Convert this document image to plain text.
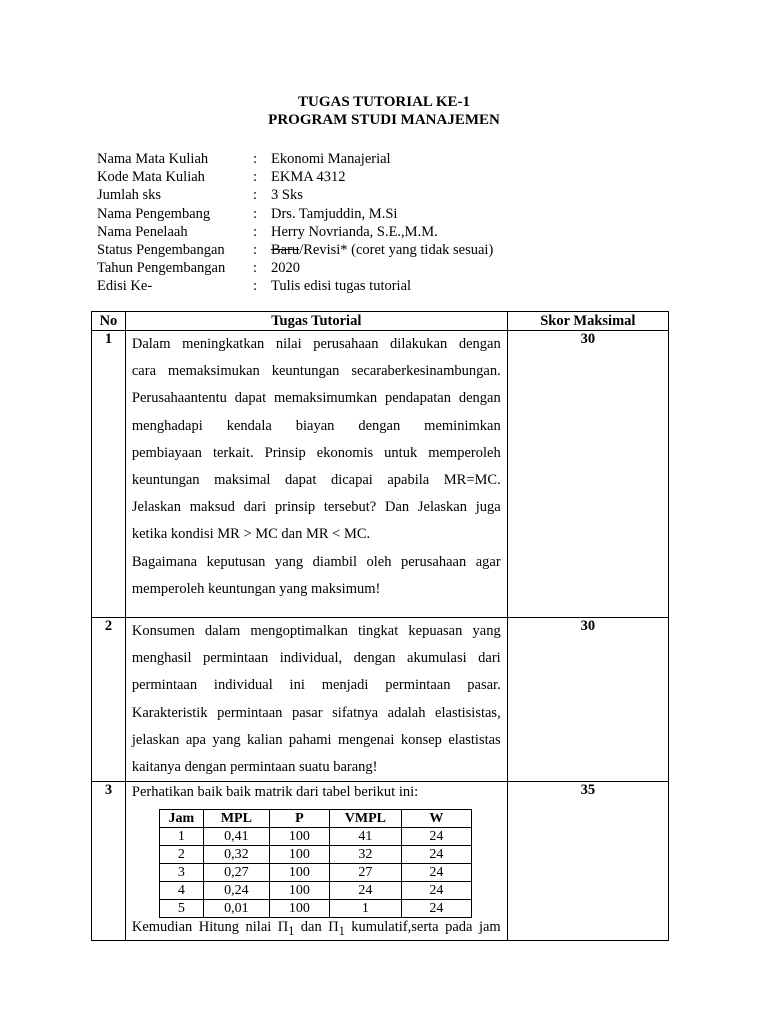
TUGAS TUTORIAL KE-1
PROGRAM STUDI MANAJEMEN
Nama Mata Kuliah	: Ekonomi Manajerial
Kode Mata Kuliah	: EKMA 4312
Jumlah sks	: 3 Sks
Nama Pengembang	: Drs. Tamjuddin, M.Si
Nama Penelaah	: Herry Novrianda, S.E.,M.M.
Status Pengembangan : Baru/Revisi* (coret yang tidak sesuai)
Tahun Pengembangan : 2020
Edisi Ke-	: Tulis edisi tugas tutorial
No	Tugas Tutorial	Skor Maksimal
1	Dalam meningkatkan nilai perusahaan dilakukan dengan
cara memaksimukan keuntungan secaraberkesinambungan.
Perusahaantentu dapat memaksimumkan pendapatan dengan
menghadapi kendala biayan dengan meminimkan
pembiayaan terkait. Prinsip ekonomis untuk memperoleh
keuntungan maksimal dapat dicapai apabila MR=MC.
Jelaskan maksud dari prinsip tersebut? Dan Jelaskan juga
ketika kondisi MR > MC dan MR < MC.
Bagaimana keputusan yang diambil oleh perusahaan agar
memperoleh keuntungan yang maksimum!
	30
2	Konsumen dalam mengoptimalkan tingkat kepuasan yang
menghasil permintaan individual, dengan akumulasi dari
permintaan individual ini menjadi permintaan pasar.
Karakteristik permintaan pasar sifatnya adalah elastisistas,
jelaskan apa yang kalian pahami mengenai konsep elastistas
kaitanya dengan permintaan suatu barang!
	30
3	Perhatikan baik baik matrik dari tabel berikut ini:
Jam	MPL	P	VMPL	W
1	0,41	100	41	24
2	0,32	100	32	24
3	0,27	100	27	24
4	0,24	100	24	24
5	0,01	100	1	24
Kemudian Hitung nilai $\Pi_1$ dan $\Pi_1$ kumulatif,serta pada jam
	35
